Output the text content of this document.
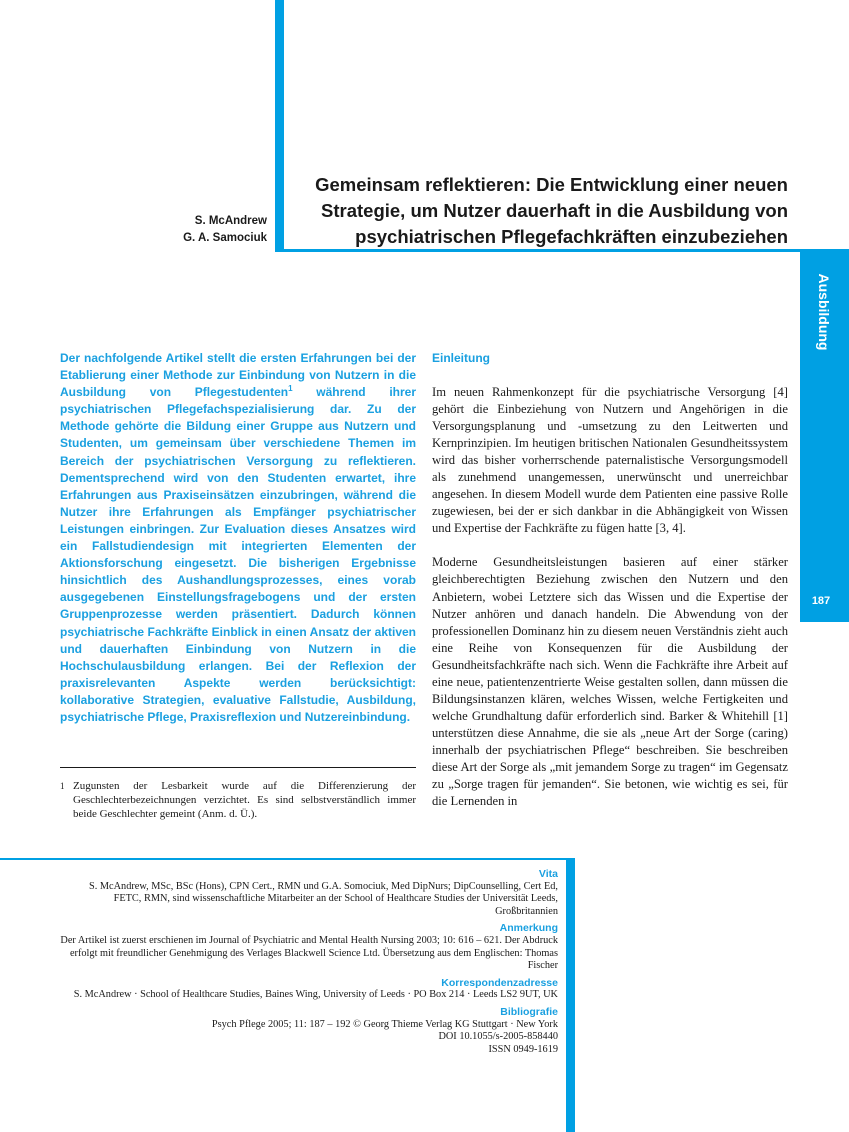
Ausbildung
187
S. McAndrew
G. A. Samociuk
Gemeinsam reflektieren: Die Entwicklung einer neuen Strategie, um Nutzer dauerhaft in die Ausbildung von psychiatrischen Pflegefachkräften einzubeziehen
Der nachfolgende Artikel stellt die ersten Erfahrungen bei der Etablierung einer Methode zur Einbindung von Nutzern in die Ausbildung von Pflegestudenten$^1$ während ihrer psychiatrischen Pflegefachspezialisierung dar. Zu der Methode gehörte die Bildung einer Gruppe aus Nutzern und Studenten, um gemeinsam über verschiedene Themen im Bereich der psychiatrischen Versorgung zu reflektieren. Dementsprechend wird von den Studenten erwartet, ihre Erfahrungen aus Praxiseinsätzen einzubringen, während die Nutzer ihre Erfahrungen als Empfänger psychiatrischer Leistungen einbringen. Zur Evaluation dieses Ansatzes wird ein Fallstudiendesign mit integrierten Elementen der Aktionsforschung eingesetzt. Die bisherigen Ergebnisse hinsichtlich des Aushandlungsprozesses, eines vorab ausgegebenen Einstellungsfragebogens und der ersten Gruppenprozesse werden präsentiert. Dadurch können psychiatrische Fachkräfte Einblick in einen Ansatz der aktiven und dauerhaften Einbindung von Nutzern in die Hochschulausbildung erlangen. Bei der Reflexion der praxisrelevanten Aspekte werden berücksichtigt: kollaborative Strategien, evaluative Fallstudie, Ausbildung, psychiatrische Pflege, Praxisreflexion und Nutzereinbindung.
1 Zugunsten der Lesbarkeit wurde auf die Differenzierung der Geschlechterbezeichnungen verzichtet. Es sind selbstverständlich immer beide Geschlechter gemeint (Anm. d. Ü.).
Einleitung

Im neuen Rahmenkonzept für die psychiatrische Versorgung [4] gehört die Einbeziehung von Nutzern und Angehörigen in die Versorgungsplanung und -umsetzung zu den Leitwerten und Kernprinzipien. Im heutigen britischen Nationalen Gesundheitssystem wird das bisher vorherrschende paternalistische Versorgungsmodell als zunehmend unangemessen, unerwünscht und unerreichbar angesehen. In diesem Modell wurde dem Patienten eine passive Rolle zugewiesen, bei der er sich dankbar in die Abhängigkeit von Wissen und Expertise der Fachkräfte zu fügen hatte [3, 4].

Moderne Gesundheitsleistungen basieren auf einer stärker gleichberechtigten Beziehung zwischen den Nutzern und den Anbietern, wobei Letztere sich das Wissen und die Expertise der Nutzer anhören und danach handeln. Die Abwendung von der professionellen Dominanz hin zu diesem neuen Verständnis zieht auch eine Reihe von Konsequenzen für die Ausbildung der Gesundheitsfachkräfte nach sich. Wenn die Fachkräfte ihre Arbeit auf eine neue, patientenzentrierte Weise gestalten sollen, dann müssen die Bildungsinstanzen klären, welches Wissen, welche Fertigkeiten und welche Grundhaltung dafür erforderlich sind. Barker & Whitehill [1] unterstützen diese Annahme, die sie als „neue Art der Sorge (caring) innerhalb der psychiatrischen Pflege“ beschreiben. Sie beschreiben diese Art der Sorge als „mit jemandem Sorge zu tragen“ im Gegensatz zu „Sorge tragen für jemanden“. Sie betonen, wie wichtig es sei, für die Lernenden in

Vita
S. McAndrew, MSc, BSc (Hons), CPN Cert., RMN und G.A. Somociuk, Med DipNurs; DipCounselling, Cert Ed, FETC, RMN, sind wissenschaftliche Mitarbeiter an der School of Healthcare Studies der Universität Leeds, Großbritannien
Anmerkung
Der Artikel ist zuerst erschienen im Journal of Psychiatric and Mental Health Nursing 2003; 10: 616 – 621. Der Abdruck erfolgt mit freundlicher Genehmigung des Verlages Blackwell Science Ltd. Übersetzung aus dem Englischen: Thomas Fischer
Korrespondenzadresse
S. McAndrew · School of Healthcare Studies, Baines Wing, University of Leeds · PO Box 214 · Leeds LS2 9UT, UK
Bibliografie
Psych Pflege 2005; 11: 187 – 192 © Georg Thieme Verlag KG Stuttgart · New York
DOI 10.1055/s-2005-858440
ISSN 0949-1619
